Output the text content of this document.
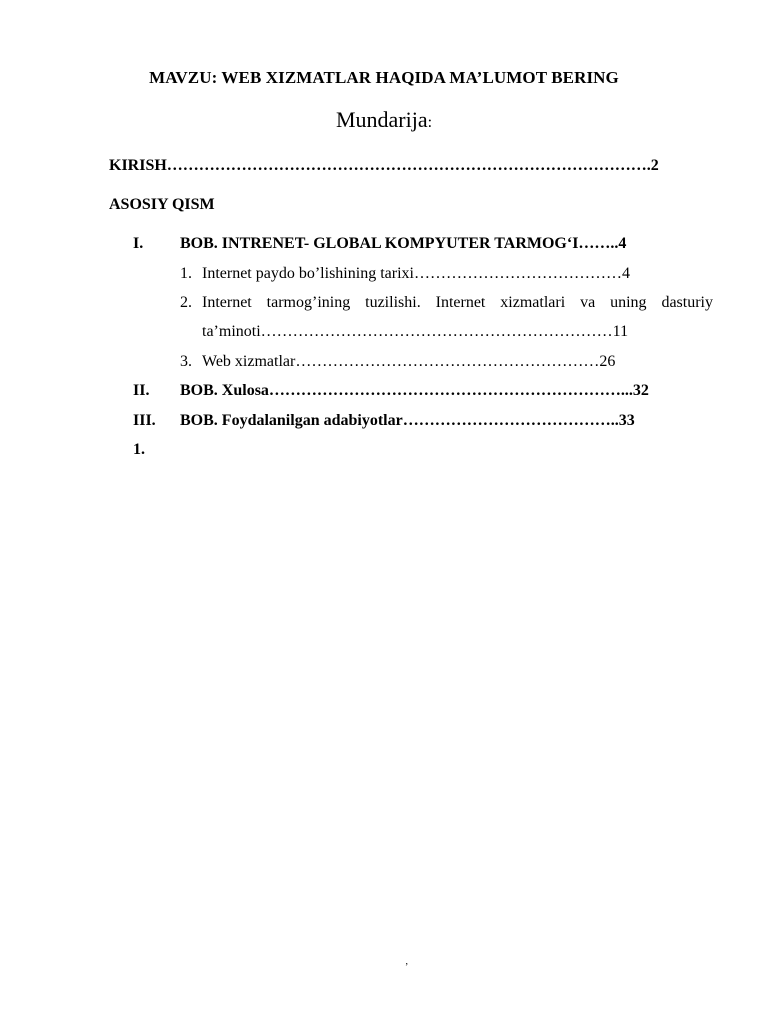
MAVZU: WEB XIZMATLAR HAQIDA MA’LUMOT BERING
Mundarija:
KIRISH……………………………………………………………………………….2
ASOSIY QISM
I. BOB. INTRENET- GLOBAL KOMPYUTER TARMOG‘I……..4
1. Internet paydo bo’lishining tarixi…………………………………4
2. Internet tarmog’ining tuzilishi. Internet xizmatlari va uning dasturiy
ta’minoti…………………………………………………………11
3. Web xizmatlar…………………………………………………26
II. BOB. Xulosa…………………………………………………………...32
III. BOB. Foydalanilgan adabiyotlar…………………………………..33
1.
’
